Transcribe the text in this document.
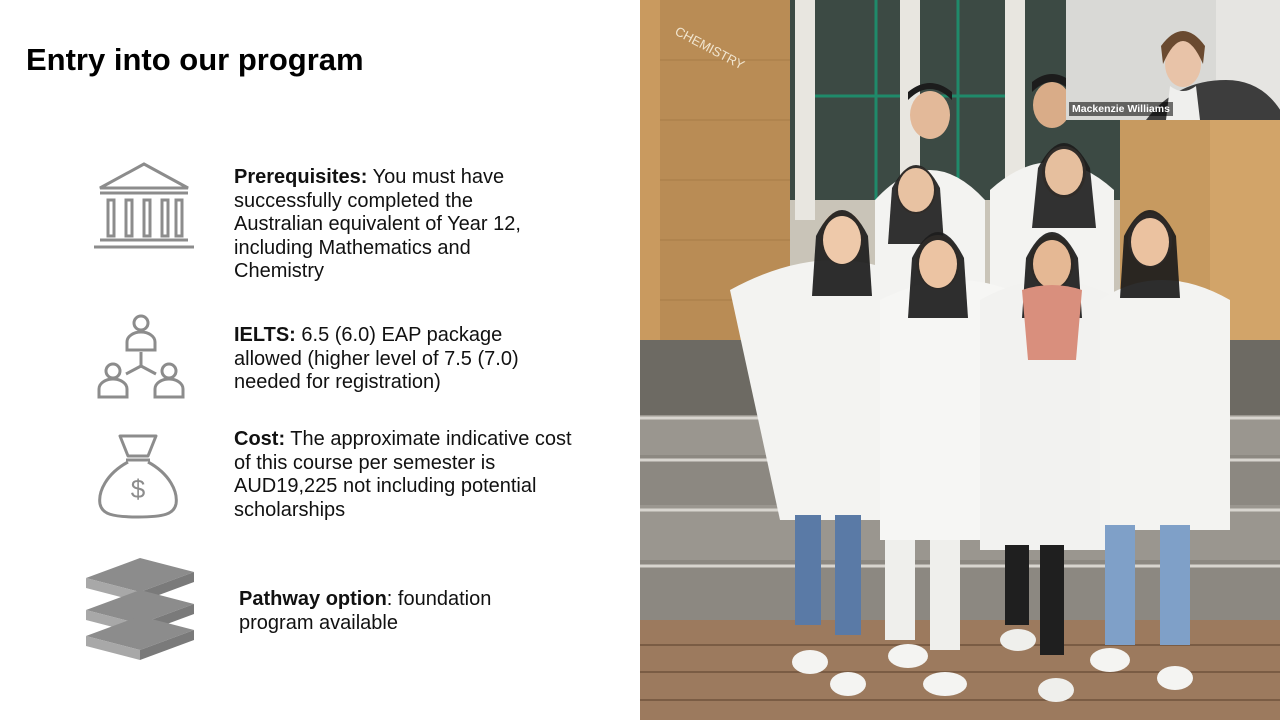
Entry into our program
Prerequisites: You must have successfully completed the Australian equivalent of Year 12, including Mathematics and Chemistry
IELTS: 6.5 (6.0) EAP package allowed (higher level of 7.5 (7.0) needed for registration)
$
Cost: The approximate indicative cost of this course per semester is AUD19,225 not including potential scholarships
Pathway option: foundation program available
CHEMISTRY
Mackenzie Williams
